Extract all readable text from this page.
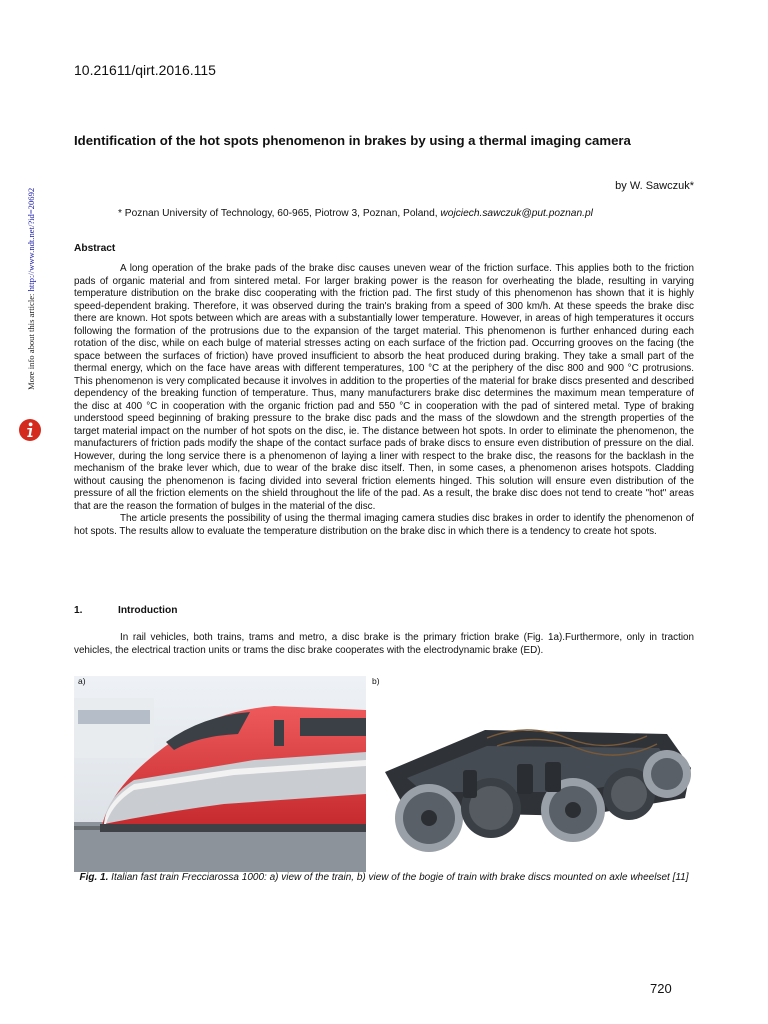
10.21611/qirt.2016.115
Identification of the hot spots phenomenon in brakes by using a thermal imaging camera
by W. Sawczuk*
* Poznan University of Technology, 60-965, Piotrow 3, Poznan, Poland, wojciech.sawczuk@put.poznan.pl
Abstract

A long operation of the brake pads of the brake disc causes uneven wear of the friction surface. This applies both to the friction pads of organic material and from sintered metal. For larger braking power is the reason for overheating the blade, resulting in varying temperature distribution on the brake disc cooperating with the friction pad. The first study of this phenomenon has shown that it is highly speed-dependent braking. Therefore, it was observed during the train's braking from a speed of 300 km/h. At these speeds the brake disc there are known. Hot spots between which are areas with a substantially lower temperature. However, in areas of high temperatures it occurs following the formation of the protrusions due to the expansion of the target material. This phenomenon is further enhanced during each rotation of the disc, while on each bulge of material stresses acting on each surface of the friction pad. Occurring grooves on the facing (the space between the surfaces of friction) have proved insufficient to absorb the heat produced during braking. They take a small part of the thermal energy, which on the face have areas with different temperatures, 100 °C at the periphery of the disc 800 and 900 °C protrusions. This phenomenon is very complicated because it involves in addition to the properties of the material for brake discs presented and described dependency of the breaking function of temperature. Thus, many manufacturers brake disc determines the maximum mean temperature of the disc at 400 °C in cooperation with the organic friction pad and 550 °C in cooperation with the pad of sintered metal. Type of braking understood speed beginning of braking pressure to the brake disc pads and the mass of the slowdown and the strength properties of the target material impact on the number of hot spots on the disc, ie. The distance between hot spots. In order to eliminate the phenomenon, the manufacturers of friction pads modify the shape of the contact surface pads of brake discs to ensure even distribution of pressure on the dial. However, during the long service there is a phenomenon of laying a liner with respect to the brake disc, the reasons for the backlash in the mechanism of the brake lever which, due to wear of the brake disc itself. Then, in some cases, a phenomenon arises hotspots. Cladding without causing the phenomenon is facing divided into several friction elements hinged. This solution will ensure even distribution of the pressure of all the friction elements on the shield throughout the life of the pad. As a result, the brake disc does not tend to create "hot" areas that are the reason the formation of bulges in the material of the disc.

The article presents the possibility of using the thermal imaging camera studies disc brakes in order to identify the phenomenon of hot spots. The results allow to evaluate the temperature distribution on the brake disc in which there is a tendency to create hot spots.

1.	Introduction

In rail vehicles, both trains, trams and metro, a disc brake is the primary friction brake (Fig. 1a).Furthermore, only in traction vehicles, the electrical traction units or trams the disc brake cooperates with the electrodynamic brake (ED).

a)	b)
Fig. 1. Italian fast train Frecciarossa 1000: a) view of the train, b) view of the bogie of train with brake discs mounted on axle wheelset [11]
720
More info about this article: http://www.ndt.net/?id=20692
